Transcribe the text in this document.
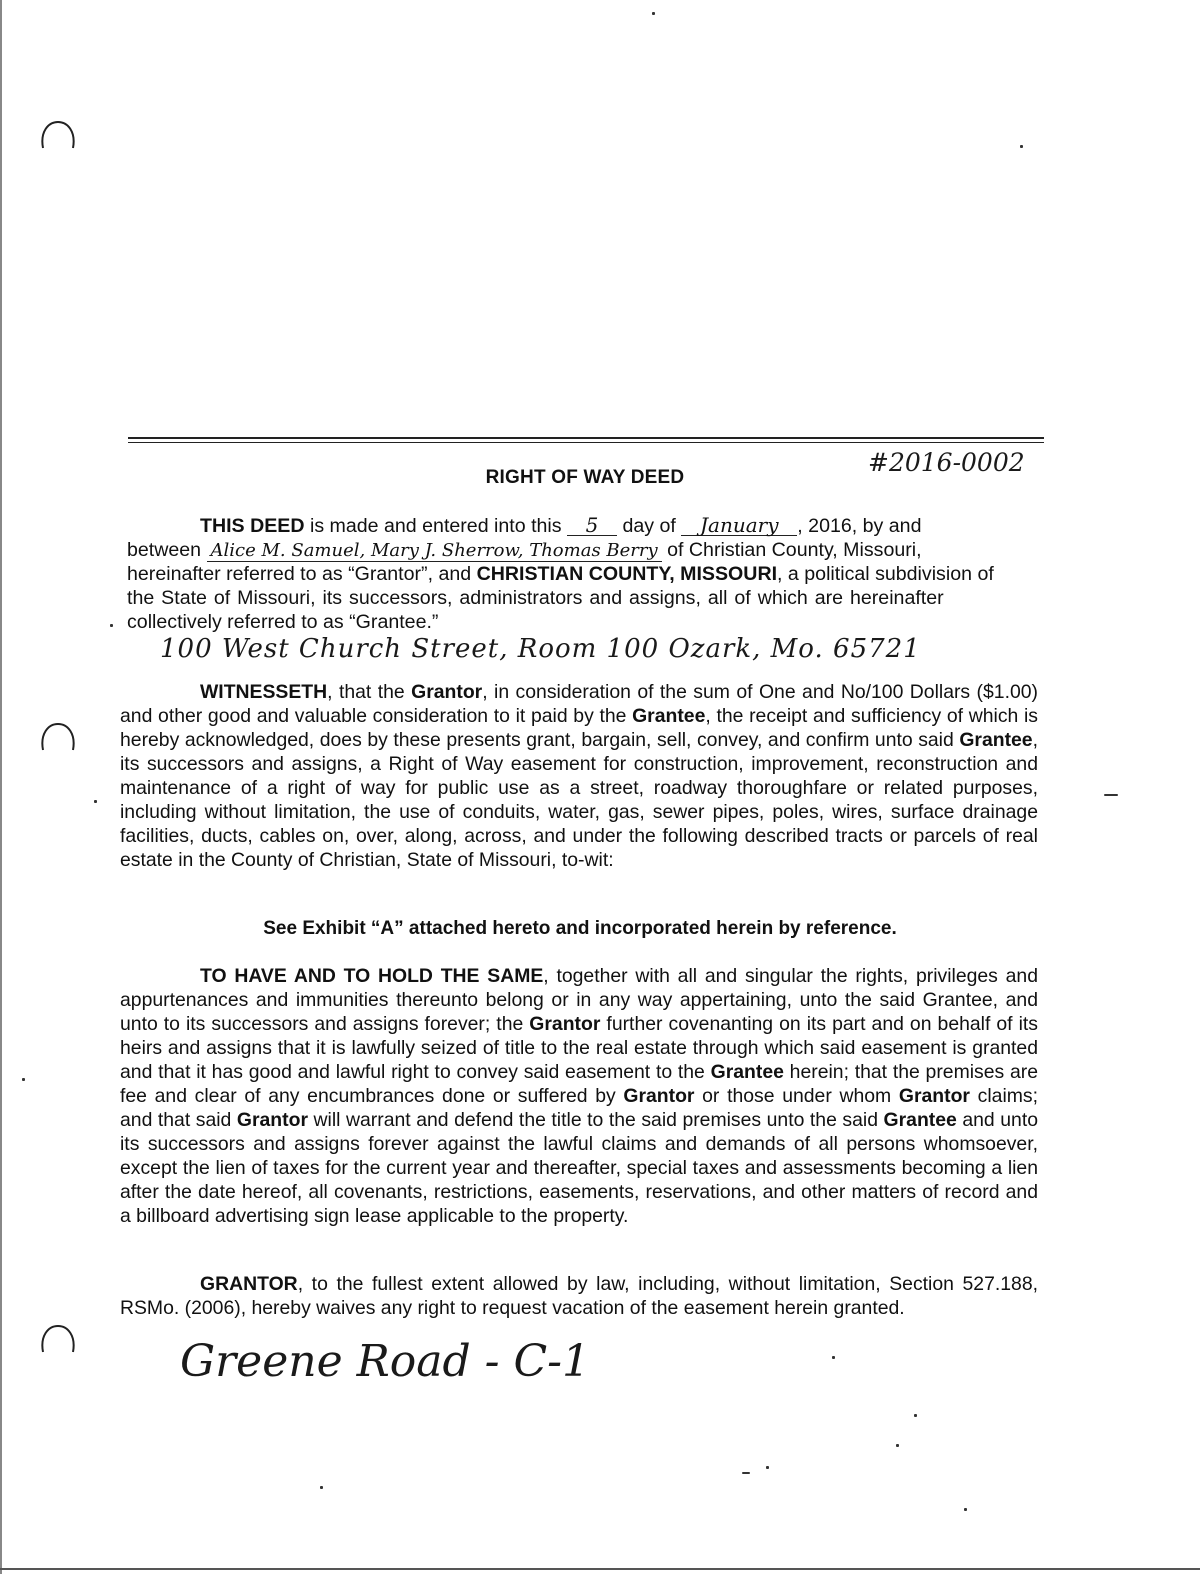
#2016-0002
RIGHT OF WAY DEED
THIS DEED is made and entered into this 5 day of January , 2016, by and
between Alice M. Samuel, Mary J. Sherrow, Thomas Berry of Christian County, Missouri,
hereinafter referred to as “Grantor”, and CHRISTIAN COUNTY, MISSOURI, a political subdivision of
the State of Missouri, its successors, administrators and assigns, all of which are hereinafter
collectively referred to as “Grantee.”
100 West Church Street, Room 100 Ozark, Mo. 65721
WITNESSETH, that the Grantor, in consideration of the sum of One and No/100 Dollars ($1.00) and other good and valuable consideration to it paid by the Grantee, the receipt and sufficiency of which is hereby acknowledged, does by these presents grant, bargain, sell, convey, and confirm unto said Grantee, its successors and assigns, a Right of Way easement for construction, improvement, reconstruction and maintenance of a right of way for public use as a street, roadway thoroughfare or related purposes, including without limitation, the use of conduits, water, gas, sewer pipes, poles, wires, surface drainage facilities, ducts, cables on, over, along, across, and under the following described tracts or parcels of real estate in the County of Christian, State of Missouri, to-wit:
See Exhibit “A” attached hereto and incorporated herein by reference.
TO HAVE AND TO HOLD THE SAME, together with all and singular the rights, privileges and appurtenances and immunities thereunto belong or in any way appertaining, unto the said Grantee, and unto to its successors and assigns forever; the Grantor further covenanting on its part and on behalf of its heirs and assigns that it is lawfully seized of title to the real estate through which said easement is granted and that it has good and lawful right to convey said easement to the Grantee herein; that the premises are fee and clear of any encumbrances done or suffered by Grantor or those under whom Grantor claims; and that said Grantor will warrant and defend the title to the said premises unto the said Grantee and unto its successors and assigns forever against the lawful claims and demands of all persons whomsoever, except the lien of taxes for the current year and thereafter, special taxes and assessments becoming a lien after the date hereof, all covenants, restrictions, easements, reservations, and other matters of record and a billboard advertising sign lease applicable to the property.
GRANTOR, to the fullest extent allowed by law, including, without limitation, Section 527.188, RSMo. (2006), hereby waives any right to request vacation of the easement herein granted.
Greene Road - C-1
